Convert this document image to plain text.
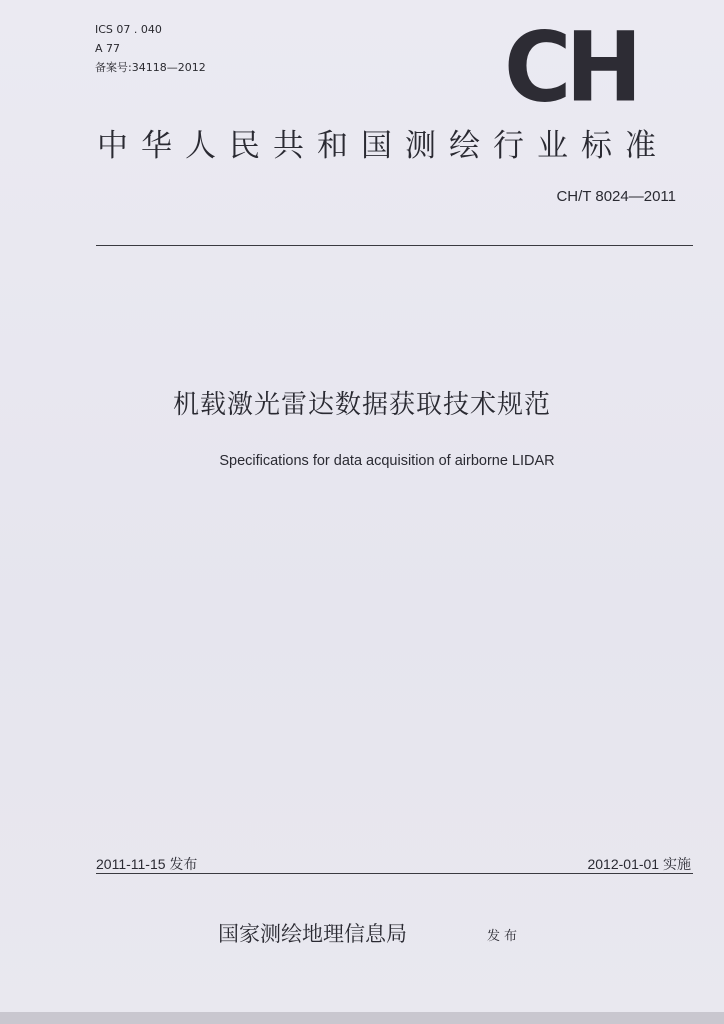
ICS 07 . 040
A 77
备案号:34118—2012	CH
中华人民共和国测绘行业标准
CH/T 8024—2011
机载激光雷达数据获取技术规范
Specifications for data acquisition of airborne LIDAR
2011-11-15 发布	2012-01-01 实施
国家测绘地理信息局	发布
